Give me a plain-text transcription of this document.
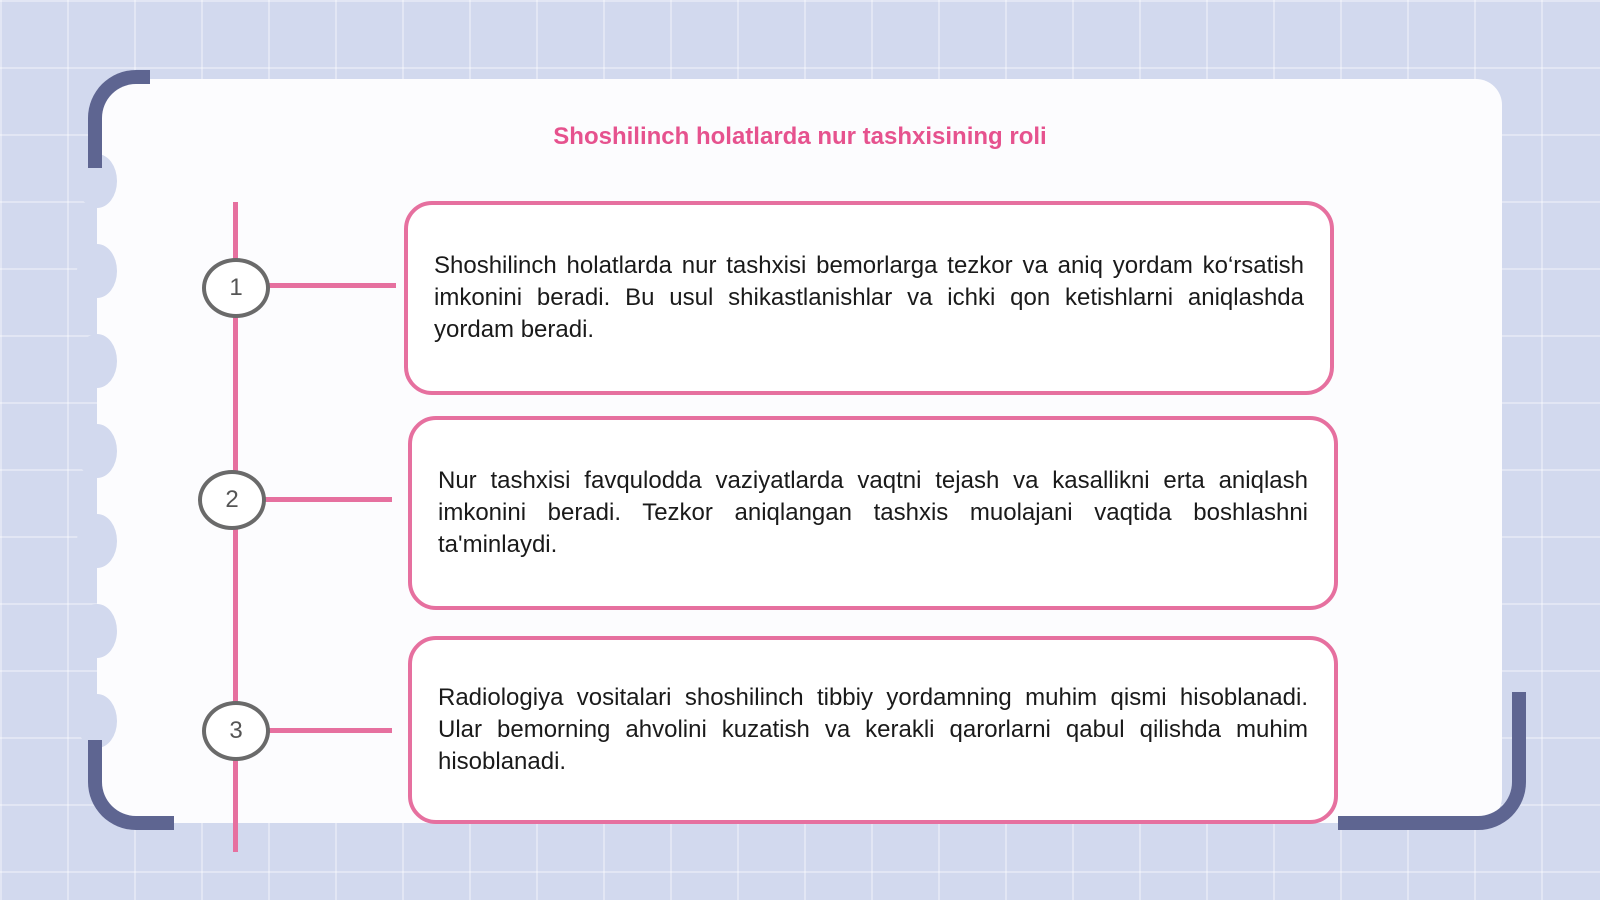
Shoshilinch holatlarda nur tashxisining roli
1
2
3

Shoshilinch holatlarda nur tashxisi bemorlarga tezkor va aniq yordam ko‘rsatish imkonini beradi. Bu usul shikastlanishlar va ichki qon ketishlarni aniqlashda yordam beradi.

Nur tashxisi favqulodda vaziyatlarda vaqtni tejash va kasallikni erta aniqlash imkonini beradi. Tezkor aniqlangan tashxis muolajani vaqtida boshlashni ta'minlaydi.

Radiologiya vositalari shoshilinch tibbiy yordamning muhim qismi hisoblanadi. Ular bemorning ahvolini kuzatish va kerakli qarorlarni qabul qilishda muhim hisoblanadi.
